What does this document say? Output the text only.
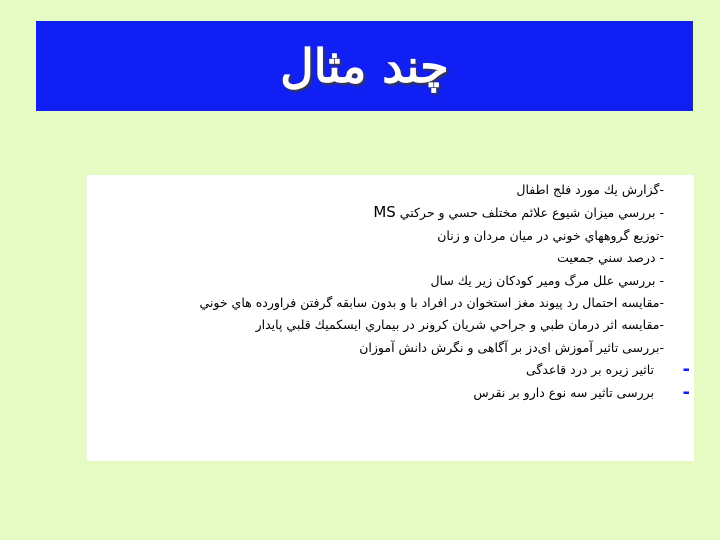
چند مثال
-گزارش يك مورد فلج اطفال
- بررسي ميزان شيوع علائم مختلف حسي و حركتي MS
-توزيع گروههاي خوني در ميان مردان و زنان
- درصد سني جمعيت
- بررسي علل مرگ ومير كودكان زير يك سال
-مقايسه احتمال رد پيوند مغز استخوان در افراد با و بدون سابقه گرفتن فراورده هاي خوني
-مقايسه اثر درمان طبي و جراحي شريان كرونر در بيماري ايسكميك قلبي پايدار
-بررسی تاثیر آموزش ای‌دز بر آگاهی و نگرش دانش آموزان
-
تاثیر زیره بر درد قاعدگی
-
بررسی تاثیر سه نوع دارو بر نقرس
